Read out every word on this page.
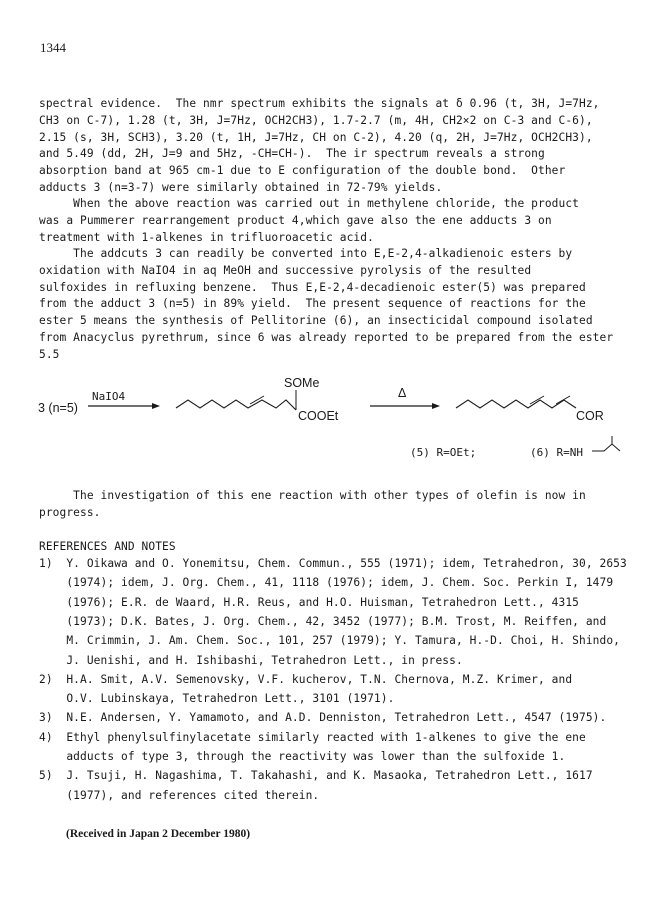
1344
spectral evidence.  The nmr spectrum exhibits the signals at δ 0.96 (t, 3H, J=7Hz,
CH3 on C-7), 1.28 (t, 3H, J=7Hz, OCH2CH3), 1.7-2.7 (m, 4H, CH2×2 on C-3 and C-6),
2.15 (s, 3H, SCH3), 3.20 (t, 1H, J=7Hz, CH on C-2), 4.20 (q, 2H, J=7Hz, OCH2CH3),
and 5.49 (dd, 2H, J=9 and 5Hz, -CH=CH-).  The ir spectrum reveals a strong
absorption band at 965 cm-1 due to E configuration of the double bond.  Other
adducts 3 (n=3-7) were similarly obtained in 72-79% yields.
When the above reaction was carried out in methylene chloride, the product
was a Pummerer rearrangement product 4,which gave also the ene adducts 3 on
treatment with 1-alkenes in trifluoroacetic acid.
The addcuts 3 can readily be converted into E,E-2,4-alkadienoic esters by
oxidation with NaIO4 in aq MeOH and successive pyrolysis of the resulted
sulfoxides in refluxing benzene.  Thus E,E-2,4-decadienoic ester(5) was prepared
from the adduct 3 (n=5) in 89% yield.  The present sequence of reactions for the
ester 5 means the synthesis of Pellitorine (6), an insecticidal compound isolated
from Anacyclus pyrethrum, since 6 was already reported to be prepared from the ester
5.5
The investigation of this ene reaction with other types of olefin is now in
progress.
REFERENCES AND NOTES
1)  Y. Oikawa and O. Yonemitsu, Chem. Commun., 555 (1971); idem, Tetrahedron, 30, 2653
(1974); idem, J. Org. Chem., 41, 1118 (1976); idem, J. Chem. Soc. Perkin I, 1479
(1976); E.R. de Waard, H.R. Reus, and H.O. Huisman, Tetrahedron Lett., 4315
(1973); D.K. Bates, J. Org. Chem., 42, 3452 (1977); B.M. Trost, M. Reiffen, and
M. Crimmin, J. Am. Chem. Soc., 101, 257 (1979); Y. Tamura, H.-D. Choi, H. Shindo,
J. Uenishi, and H. Ishibashi, Tetrahedron Lett., in press.
2)  H.A. Smit, A.V. Semenovsky, V.F. kucherov, T.N. Chernova, M.Z. Krimer, and
O.V. Lubinskaya, Tetrahedron Lett., 3101 (1971).
3)  N.E. Andersen, Y. Yamamoto, and A.D. Denniston, Tetrahedron Lett., 4547 (1975).
4)  Ethyl phenylsulfinylacetate similarly reacted with 1-alkenes to give the ene
adducts of type 3, through the reactivity was lower than the sulfoxide 1.
5)  J. Tsuji, H. Nagashima, T. Takahashi, and K. Masaoka, Tetrahedron Lett., 1617
(1977), and references cited therein.
3 (n=5)
NaIO4
SOMe
COOEt
Δ
COR
(5) R=OEt;	(6) R=NH
(Received in Japan 2 December 1980)
